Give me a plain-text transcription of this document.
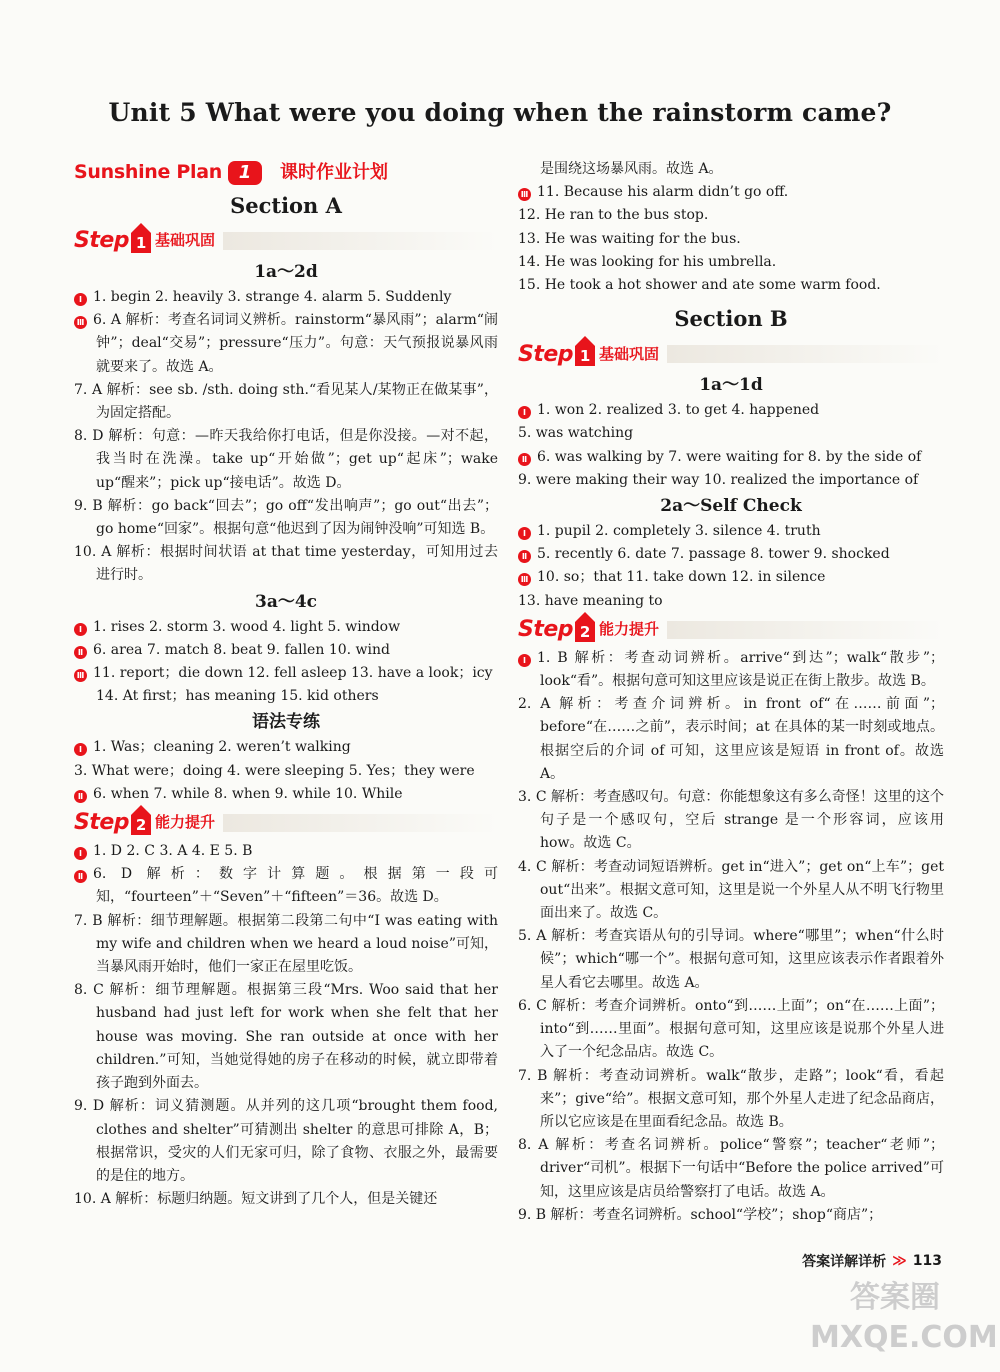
Unit 5 What were you doing when the rainstorm came?
Sunshine Plan 1	课时作业计划
Section A
Step 1 基础巩固
1a～2d

Ⅰ 1. begin 2. heavily 3. strange 4. alarm 5. Suddenly

Ⅲ 6. A 解析：考查名词词义辨析。rainstorm“暴风雨”；alarm“闹钟”；deal“交易”；pressure“压力”。句意：天气预报说暴风雨就要来了。故选 A。

7. A 解析：see sb. /sth. doing sth.“看见某人/某物正在做某事”，为固定搭配。

8. D 解析：句意：—昨天我给你打电话，但是你没接。—对不起，我当时在洗澡。take up“开始做”；get up“起床”；wake up“醒来”；pick up“接电话”。故选 D。

9. B 解析：go back“回去”；go off“发出响声”；go out“出去”；go home“回家”。根据句意“他迟到了因为闹钟没响”可知选 B。

10. A 解析：根据时间状语 at that time yesterday，可知用过去进行时。

3a～4c

Ⅰ 1. rises 2. storm 3. wood 4. light 5. window

Ⅱ 6. area 7. match 8. beat 9. fallen 10. wind

Ⅲ 11. report；die down 12. fell asleep 13. have a look；icy

14. At first；has meaning 15. kid others

语法专练

Ⅰ 1. Was；cleaning 2. weren’t walking

3. What were；doing 4. were sleeping 5. Yes；they were

Ⅱ 6. when 7. while 8. when 9. while 10. While

Step 2 能力提升

Ⅰ 1. D 2. C 3. A 4. E 5. B

Ⅱ 6. D 解析：数字计算题。根据第一段可知，“fourteen”＋“Seven”＋“fifteen”＝36。故选 D。

7. B 解析：细节理解题。根据第二段第二句中“I was eating with my wife and children when we heard a loud noise”可知，当暴风雨开始时，他们一家正在屋里吃饭。

8. C 解析：细节理解题。根据第三段“Mrs. Woo said that her husband had just left for work when she felt that her house was moving. She ran outside at once with her children.”可知，当她觉得她的房子在移动的时候，就立即带着孩子跑到外面去。

9. D 解析：词义猜测题。从并列的这几项“brought them food, clothes and shelter”可猜测出 shelter 的意思可排除 A，B；根据常识，受灾的人们无家可归，除了食物、衣服之外，最需要的是住的地方。

10. A 解析：标题归纳题。短文讲到了几个人，但是关键还

是围绕这场暴风雨。故选 A。

Ⅲ 11. Because his alarm didn’t go off.

12. He ran to the bus stop.

13. He was waiting for the bus.

14. He was looking for his umbrella.

15. He took a hot shower and ate some warm food.

Section B
Step 1 基础巩固
1a～1d

Ⅰ 1. won 2. realized 3. to get 4. happened

5. was watching

Ⅱ 6. was walking by 7. were waiting for 8. by the side of

9. were making their way 10. realized the importance of

2a～Self Check

Ⅰ 1. pupil 2. completely 3. silence 4. truth

Ⅱ 5. recently 6. date 7. passage 8. tower 9. shocked

Ⅲ 10. so；that 11. take down 12. in silence

13. have meaning to

Step 2 能力提升

Ⅰ 1. B 解析：考查动词辨析。arrive“到达”；walk“散步”；look“看”。根据句意可知这里应该是说正在街上散步。故选 B。

2. A 解析：考查介词辨析。in front of“在……前面”；before“在……之前”，表示时间；at 在具体的某一时刻或地点。根据空后的介词 of 可知，这里应该是短语 in front of。故选 A。

3. C 解析：考查感叹句。句意：你能想象这有多么奇怪！这里的这个句子是一个感叹句，空后 strange 是一个形容词，应该用 how。故选 C。

4. C 解析：考查动词短语辨析。get in“进入”；get on“上车”；get out“出来”。根据文意可知，这里是说一个外星人从不明飞行物里面出来了。故选 C。

5. A 解析：考查宾语从句的引导词。where“哪里”；when“什么时候”；which“哪一个”。根据句意可知，这里应该表示作者跟着外星人看它去哪里。故选 A。

6. C 解析：考查介词辨析。onto“到……上面”；on“在……上面”；into“到……里面”。根据句意可知，这里应该是说那个外星人进入了一个纪念品店。故选 C。

7. B 解析：考查动词辨析。walk“散步，走路”；look“看，看起来”；give“给”。根据文意可知，那个外星人走进了纪念品商店，所以它应该是在里面看纪念品。故选 B。

8. A 解析：考查名词辨析。police“警察”；teacher“老师”；driver“司机”。根据下一句话中“Before the police arrived”可知，这里应该是店员给警察打了电话。故选 A。

9. B 解析：考查名词辨析。school“学校”；shop“商店”；

答案详解详析 ≫ 113
答案圈
MXQE.COM
